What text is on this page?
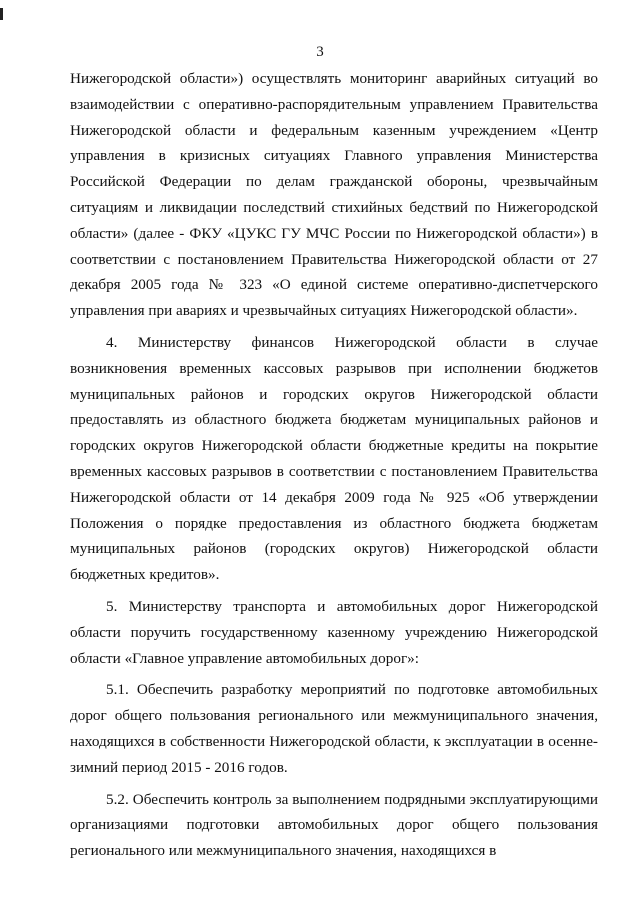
3

Нижегородской области») осуществлять мониторинг аварийных ситуаций во взаимодействии с оперативно-распорядительным управлением Правительства Нижегородской области и федеральным казенным учреждением «Центр управления в кризисных ситуациях Главного управления Министерства Российской Федерации по делам гражданской обороны, чрезвычайным ситуациям и ликвидации последствий стихийных бедствий по Нижегородской области» (далее - ФКУ «ЦУКС ГУ МЧС России по Нижегородской области») в соответствии с постановлением Правительства Нижегородской области от 27 декабря 2005 года № 323 «О единой системе оперативно-диспетчерского управления при авариях и чрезвычайных ситуациях Нижегородской области».

4. Министерству финансов Нижегородской области в случае возникновения временных кассовых разрывов при исполнении бюджетов муниципальных районов и городских округов Нижегородской области предоставлять из областного бюджета бюджетам муниципальных районов и городских округов Нижегородской области бюджетные кредиты на покрытие временных кассовых разрывов в соответствии с постановлением Правительства Нижегородской области от 14 декабря 2009 года № 925 «Об утверждении Положения о порядке предоставления из областного бюджета бюджетам муниципальных районов (городских округов) Нижегородской области бюджетных кредитов».

5. Министерству транспорта и автомобильных дорог Нижегородской области поручить государственному казенному учреждению Нижегородской области «Главное управление автомобильных дорог»:

5.1. Обеспечить разработку мероприятий по подготовке автомобильных дорог общего пользования регионального или межмуниципального значения, находящихся в собственности Нижегородской области, к эксплуатации в осенне-зимний период 2015 - 2016 годов.

5.2. Обеспечить контроль за выполнением подрядными эксплуатирующими организациями подготовки автомобильных дорог общего пользования регионального или межмуниципального значения, находящихся в
